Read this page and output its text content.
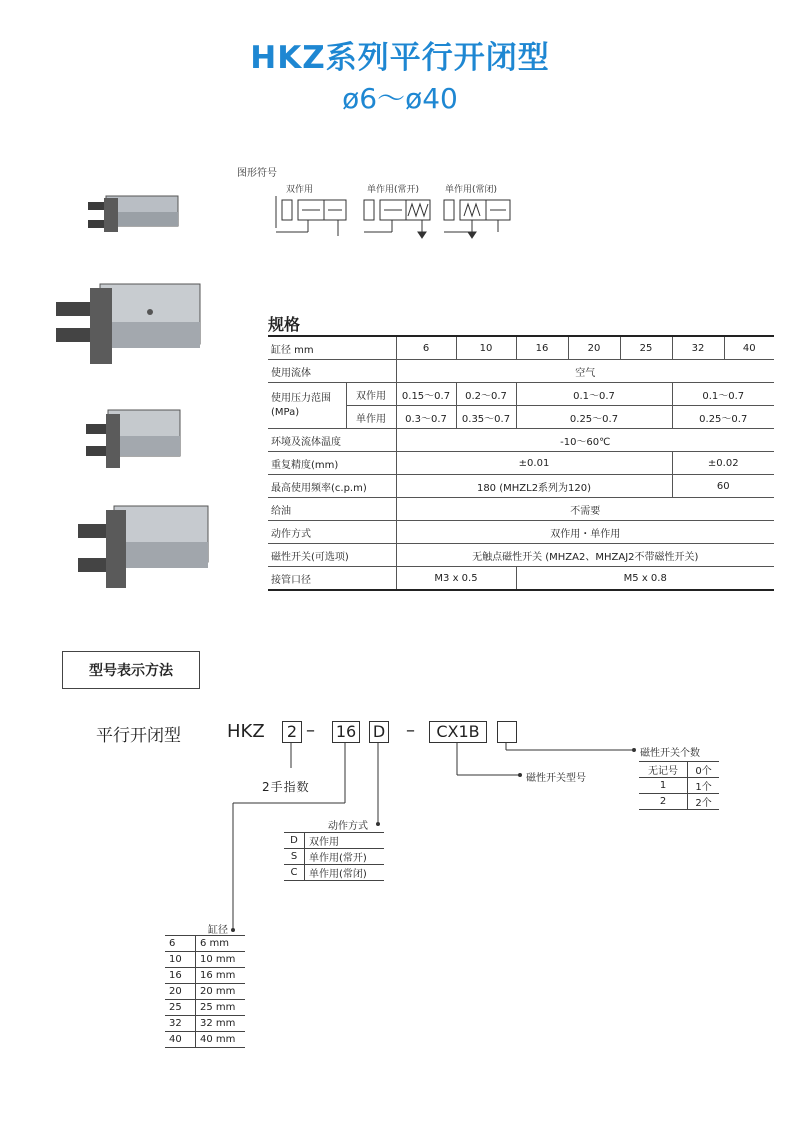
HKZ系列平行开闭型
ø6～ø40
图形符号
双作用	单作用(常开)	单作用(常闭)
规格
缸径 mm		6	10	16	20	25	32	40
使用流体		空气						
使用压力范围(MPa)	双作用	0.15～0.7	0.2～0.7	0.1～0.7			0.1～0.7	
	单作用	0.3～0.7	0.35～0.7	0.25～0.7			0.25～0.7	
环境及流体温度		-10～60℃						
重复精度(mm)		±0.01					±0.02	
最高使用频率(c.p.m)		180 (MHZL2系列为120)					60	
给油		不需要						
动作方式		双作用・单作用						
磁性开关(可选项)		无触点磁性开关 (MHZA2、MHZAJ2不带磁性开关)						
接管口径		M3 x 0.5		M5 x 0.8				
型号表示方法
平行开闭型	HKZ	2 – 16 D –	CX1B
2手指数
动作方式
磁性开关型号
磁性开关个数
缸径
D	双作用
S	单作用(常开)
C	单作用(常闭)
无记号	0个
1	1个
2	2个
6	6 mm
10	10 mm
16	16 mm
20	20 mm
25	25 mm
32	32 mm
40	40 mm
